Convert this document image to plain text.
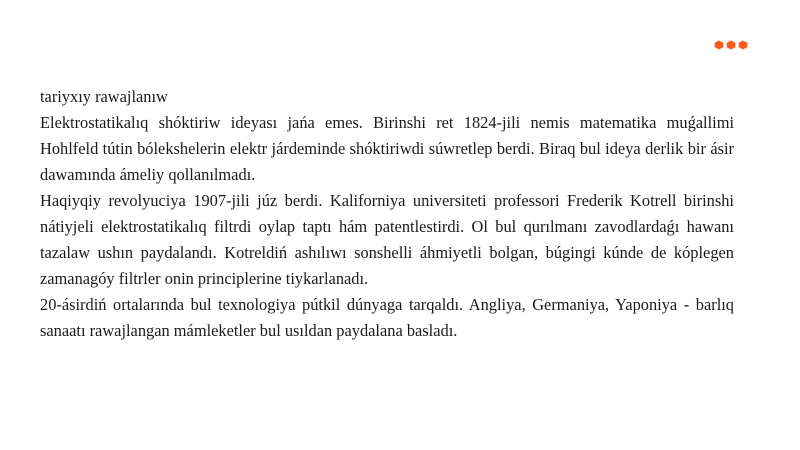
tariyxıy rawajlanıw

Elektrostatikalıq shóktiriw ideyası jańa emes. Birinshi ret 1824-jili nemis matematika muǵallimi Hohlfeld tútin bólekshelerin elektr járdeminde shóktiriwdi súwretlep berdi. Biraq bul ideya derlik bir ásir dawamında ámeliy qollanılmadı.

Haqiyqiy revolyuciya 1907-jili júz berdi. Kaliforniya universiteti professori Frederik Kotrell birinshi nátiyjeli elektrostatikalıq filtrdi oylap taptı hám patentlestirdi. Ol bul qurılmanı zavodlardaǵı hawanı tazalaw ushın paydalandı. Kotreldiń ashılıwı sonshelli áhmiyetli bolgan, búgingi kúnde de kóplegen zamanagóy filtrler onin principlerine tiykarlanadı.

20-ásirdiń ortalarında bul texnologiya pútkil dúnyaga tarqaldı. Angliya, Germaniya, Yaponiya - barlıq sanaatı rawajlangan mámleketler bul usıldan paydalana basladı.
